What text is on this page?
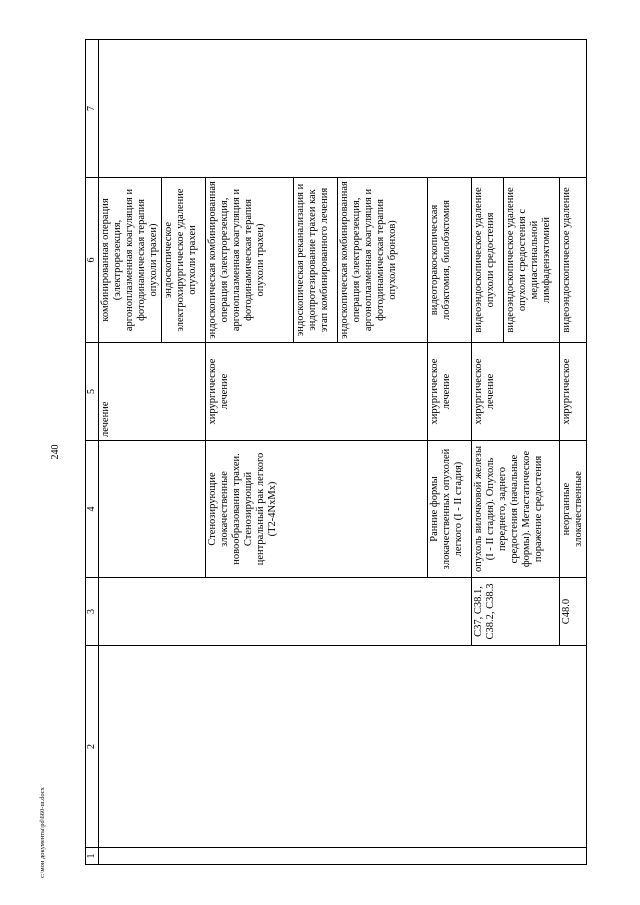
240
c:\мои документы\pd\660-ш.docx	1	2	3	4	5	6	7
				лечение	комбинированная операция (электрорезекция, аргоноплазменная коагуляция и фотодинамическая терапия опухоли трахеи)	
					эндоскопическое электрохирургическое удаление опухоли трахеи	
			Стенозирующие злокачественные новообразования трахеи. Стенозирующий центральный рак легкого (T2-4NxMx)	хирургическое лечение	эндоскопическая комбинированная операция (электрорезекция, аргоноплазменная коагуляция и фотодинамическая терапия опухоли трахеи)	
					эндоскопическая реканализация и эндопротезирование трахеи как этап комбинированного лечения	
					эндоскопическая комбинированная операция (электрорезекция, аргоноплазменная коагуляция и фотодинамическая терапия опухоли бронхов)	
			Ранние формы злокачественных опухолей легкого (I - II стадия)	хирургическое лечение	видеоторакоскопическая лобэктомия, билобэктомия	
		C37, C38.1, C38.2, C38.3	опухоль вилочковой железы (I - II стадия). Опухоль переднего, заднего средостения (начальные формы). Метастатическое поражение средостения	хирургическое лечение	видеоэндоскопическое удаление опухоли средостения	
					видеоэндоскопическое удаление опухоли средостения с медиастинальной лимфаденэктомией	
		C48.0	неорганные злокачественные	хирургическое	видеоэндоскопическое удаление	
